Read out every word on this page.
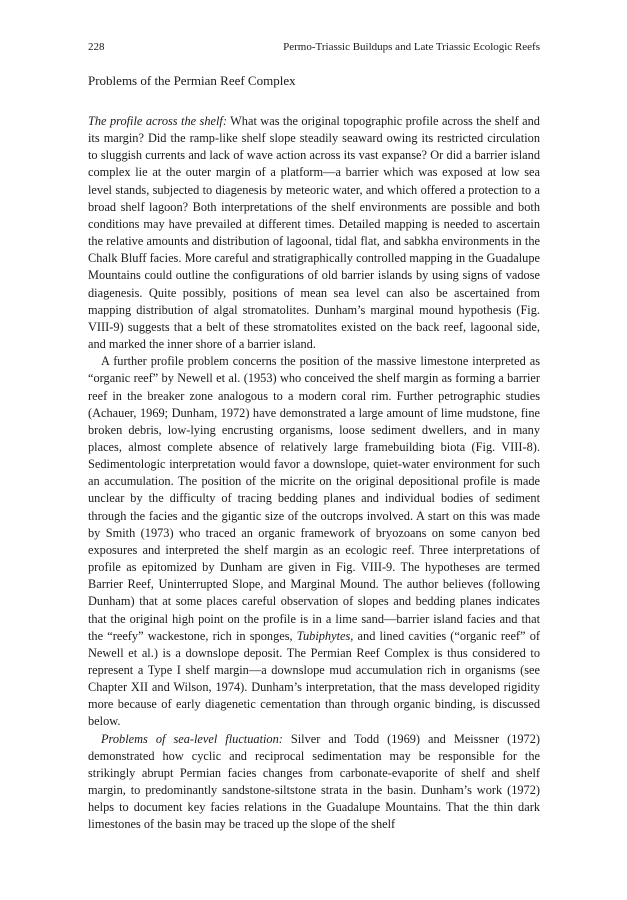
228	Permo-Triassic Buildups and Late Triassic Ecologic Reefs
Problems of the Permian Reef Complex

The profile across the shelf: What was the original topographic profile across the shelf and its margin? Did the ramp-like shelf slope steadily seaward owing its restricted circulation to sluggish currents and lack of wave action across its vast expanse? Or did a barrier island complex lie at the outer margin of a platform—a barrier which was exposed at low sea level stands, subjected to diagenesis by meteoric water, and which offered a protection to a broad shelf lagoon? Both interpretations of the shelf environments are possible and both conditions may have prevailed at different times. Detailed mapping is needed to ascertain the relative amounts and distribution of lagoonal, tidal flat, and sabkha environments in the Chalk Bluff facies. More careful and stratigraphically controlled mapping in the Guadalupe Mountains could outline the configurations of old barrier islands by using signs of vadose diagenesis. Quite possibly, positions of mean sea level can also be ascertained from mapping distribution of algal stromatolites. Dunham’s marginal mound hypothesis (Fig. VIII-9) suggests that a belt of these stromatolites existed on the back reef, lagoonal side, and marked the inner shore of a barrier island.

A further profile problem concerns the position of the massive limestone interpreted as “organic reef” by Newell et al. (1953) who conceived the shelf margin as forming a barrier reef in the breaker zone analogous to a modern coral rim. Further petrographic studies (Achauer, 1969; Dunham, 1972) have demonstrated a large amount of lime mudstone, fine broken debris, low-lying encrusting organisms, loose sediment dwellers, and in many places, almost complete absence of relatively large framebuilding biota (Fig. VIII-8). Sedimentologic interpretation would favor a downslope, quiet-water environment for such an accumulation. The position of the micrite on the original depositional profile is made unclear by the difficulty of tracing bedding planes and individual bodies of sediment through the facies and the gigantic size of the outcrops involved. A start on this was made by Smith (1973) who traced an organic framework of bryozoans on some canyon bed exposures and interpreted the shelf margin as an ecologic reef. Three interpretations of profile as epitomized by Dunham are given in Fig. VIII-9. The hypotheses are termed Barrier Reef, Uninterrupted Slope, and Marginal Mound. The author believes (following Dunham) that at some places careful observation of slopes and bedding planes indicates that the original high point on the profile is in a lime sand—barrier island facies and that the “reefy” wackestone, rich in sponges, Tubiphytes, and lined cavities (“organic reef” of Newell et al.) is a downslope deposit. The Permian Reef Complex is thus considered to represent a Type I shelf margin—a downslope mud accumulation rich in organisms (see Chapter XII and Wilson, 1974). Dunham’s interpretation, that the mass developed rigidity more because of early diagenetic cementation than through organic binding, is discussed below.

Problems of sea-level fluctuation: Silver and Todd (1969) and Meissner (1972) demonstrated how cyclic and reciprocal sedimentation may be responsible for the strikingly abrupt Permian facies changes from carbonate-evaporite of shelf and shelf margin, to predominantly sandstone-siltstone strata in the basin. Dunham’s work (1972) helps to document key facies relations in the Guadalupe Mountains. That the thin dark limestones of the basin may be traced up the slope of the shelf
